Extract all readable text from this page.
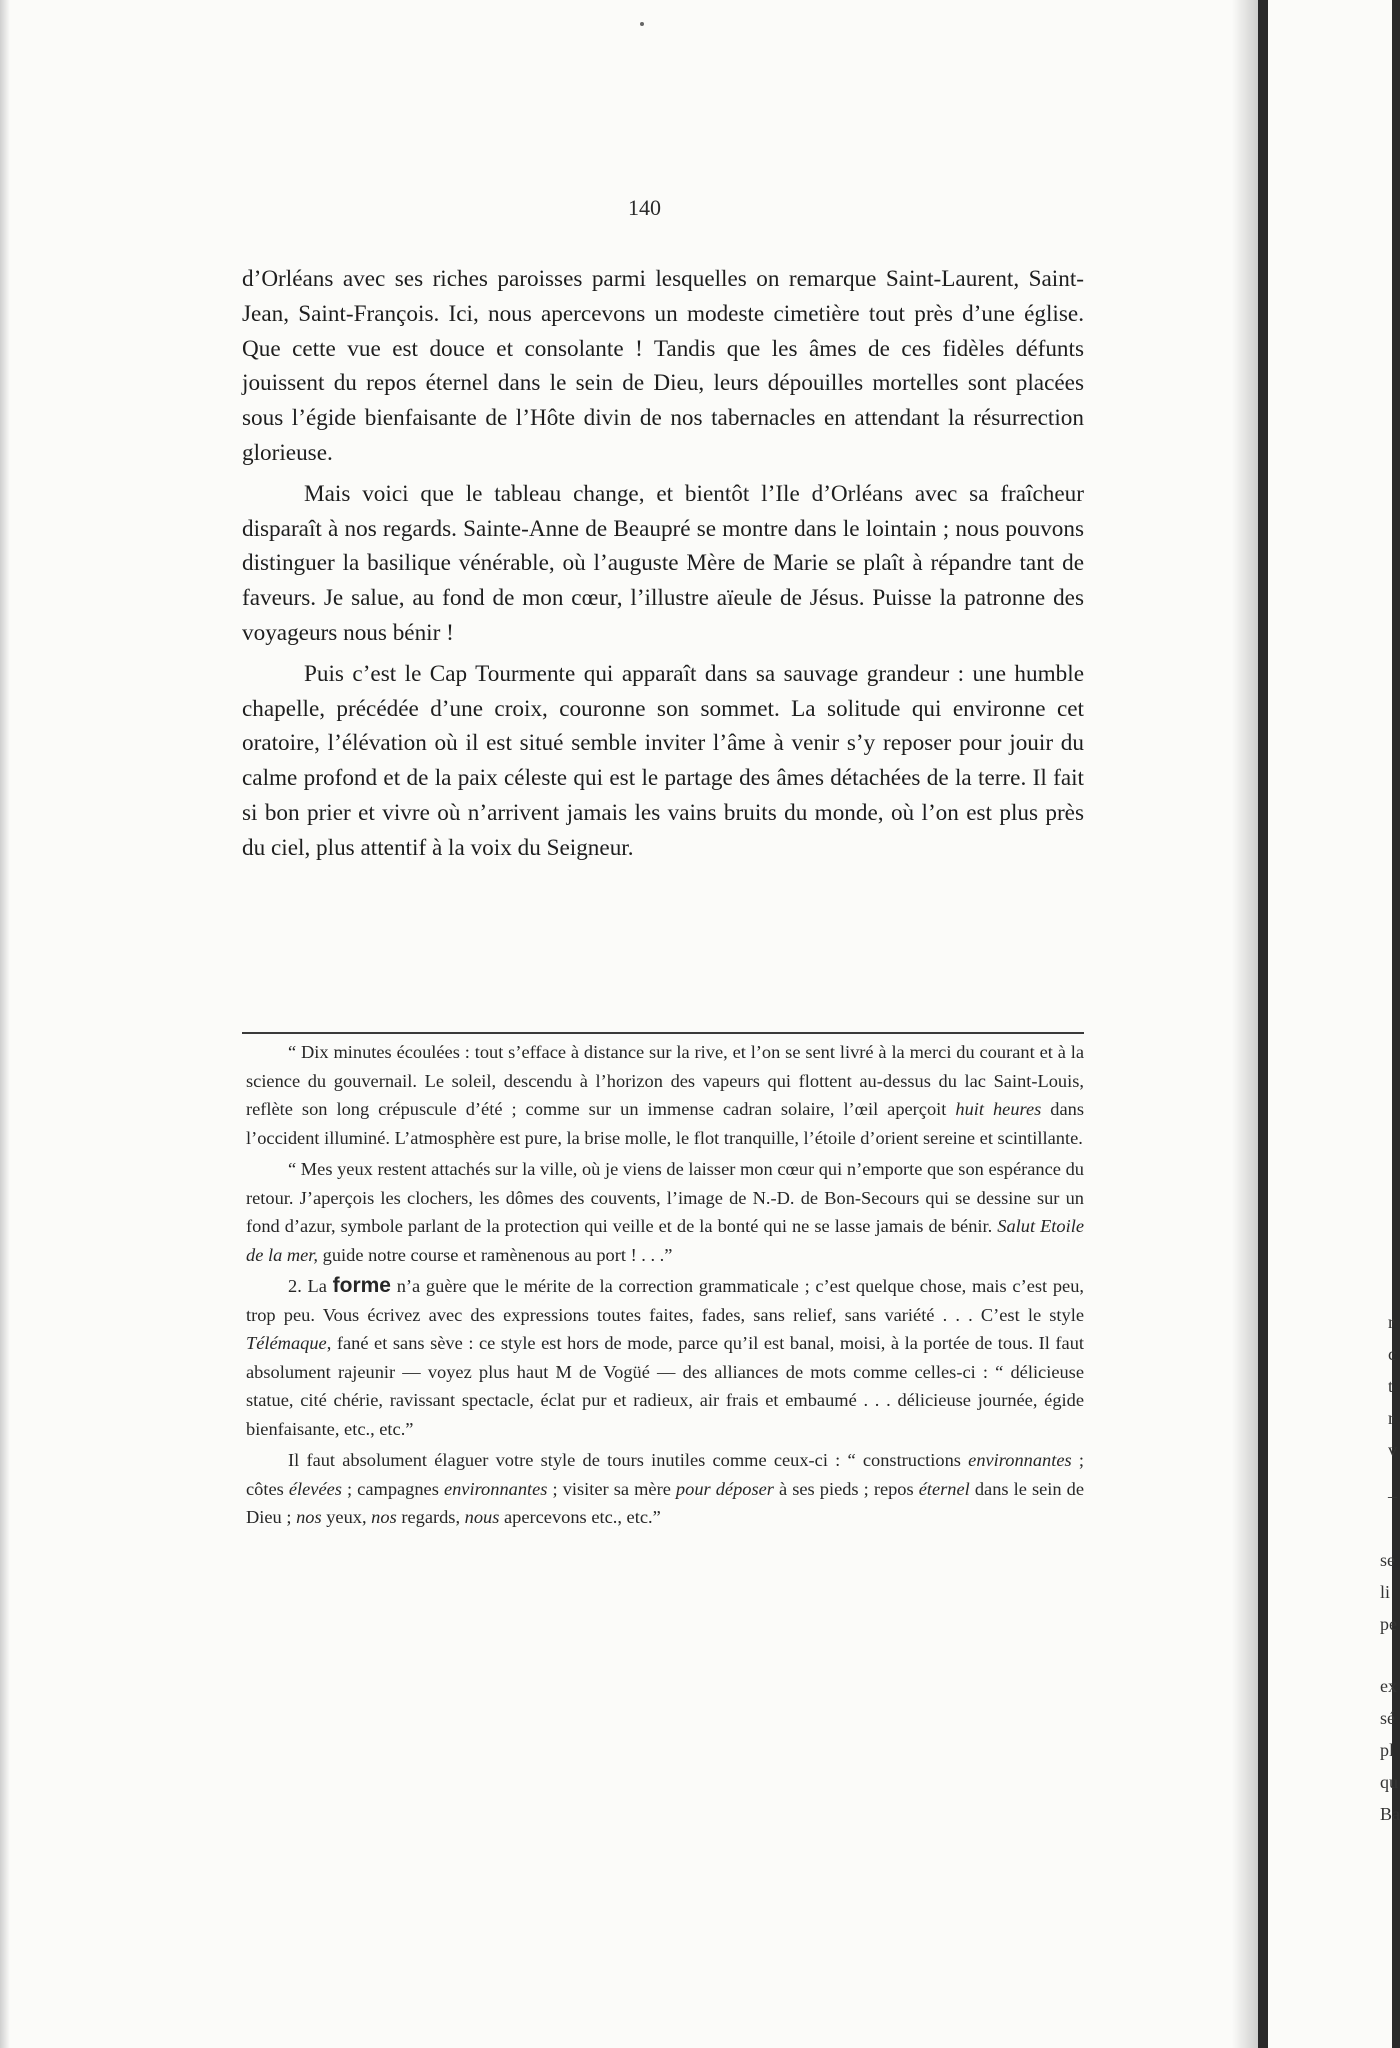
140

d’Orléans avec ses riches paroisses parmi lesquelles on remarque Saint-Laurent, Saint-Jean, Saint-François. Ici, nous apercevons un modeste cimetière tout près d’une église. Que cette vue est douce et consolante ! Tandis que les âmes de ces fidèles défunts jouissent du repos éternel dans le sein de Dieu, leurs dépouilles mortelles sont placées sous l’égide bienfaisante de l’Hôte divin de nos tabernacles en attendant la résurrection glorieuse.

Mais voici que le tableau change, et bientôt l’Ile d’Orléans avec sa fraîcheur disparaît à nos regards. Sainte-Anne de Beaupré se montre dans le lointain ; nous pouvons distinguer la basilique vénérable, où l’auguste Mère de Marie se plaît à répandre tant de faveurs. Je salue, au fond de mon cœur, l’illustre aïeule de Jésus. Puisse la patronne des voyageurs nous bénir !

Puis c’est le Cap Tourmente qui apparaît dans sa sauvage grandeur : une humble chapelle, précédée d’une croix, couronne son sommet. La solitude qui environne cet oratoire, l’élévation où il est situé semble inviter l’âme à venir s’y reposer pour jouir du calme profond et de la paix céleste qui est le partage des âmes détachées de la terre. Il fait si bon prier et vivre où n’arrivent jamais les vains bruits du monde, où l’on est plus près du ciel, plus attentif à la voix du Seigneur.

“ Dix minutes écoulées : tout s’efface à distance sur la rive, et l’on se sent livré à la merci du courant et à la science du gouvernail. Le soleil, descendu à l’horizon des vapeurs qui flottent au-dessus du lac Saint-Louis, reflète son long crépuscule d’été ; comme sur un immense cadran solaire, l’œil aperçoit huit heures dans l’occident illuminé. L’atmosphère est pure, la brise molle, le flot tranquille, l’étoile d’orient sereine et scintillante.

“ Mes yeux restent attachés sur la ville, où je viens de laisser mon cœur qui n’emporte que son espérance du retour. J’aperçois les clochers, les dômes des couvents, l’image de N.-D. de Bon-Secours qui se dessine sur un fond d’azur, symbole parlant de la protection qui veille et de la bonté qui ne se lasse jamais de bénir. Salut Etoile de la mer, guide notre course et ramènenous au port ! . . .”

2. La forme n’a guère que le mérite de la correction grammaticale ; c’est quelque chose, mais c’est peu, trop peu. Vous écrivez avec des expressions toutes faites, fades, sans relief, sans variété . . . C’est le style Télémaque, fané et sans sève : ce style est hors de mode, parce qu’il est banal, moisi, à la portée de tous. Il faut absolument rajeunir — voyez plus haut M de Vogüé — des alliances de mots comme celles-ci : “ délicieuse statue, cité chérie, ravissant spectacle, éclat pur et radieux, air frais et embaumé . . . délicieuse journée, égide bienfaisante, etc., etc.”

Il faut absolument élaguer votre style de tours inutiles comme ceux-ci : “ constructions environnantes ; côtes élevées ; campagnes environnantes ; visiter sa mère pour déposer à ses pieds ; repos éternel dans le sein de Dieu ; nos yeux, nos regards, nous apercevons etc., etc.”

r
c
t
r
v
–
se
li
pe
ex
sé
pl
qu
Ba
